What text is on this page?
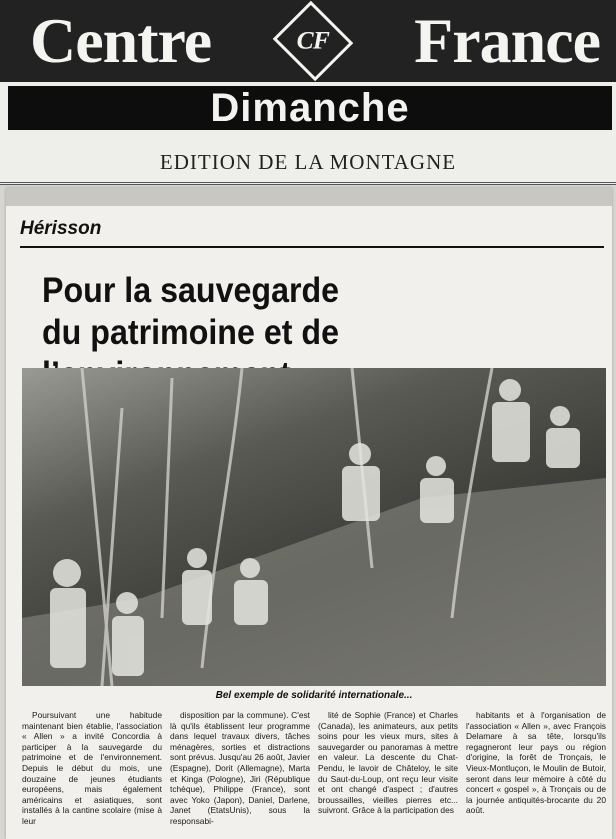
Centre	CF France
Dimanche
EDITION DE LA MONTAGNE
Hérisson
Pour la sauvegarde
du patrimoine et de
Bel exemple de solidarité internationale...

Poursuivant une habitude maintenant bien établie, l'association « Allen » a invité Concordia à participer à la sauvegarde du patrimoine et de l'environnement. Depuis le début du mois, une douzaine de jeunes étudiants européens, mais également américains et asiatiques, sont installés à la cantine scolaire (mise à leur

disposition par la commune). C'est là qu'ils établissent leur programme dans lequel travaux divers, tâches ménagères, sorties et distractions sont prévus. Jusqu'au 26 août, Javier (Espagne), Dorit (Allemagne), Marta et Kinga (Pologne), Jiri (République tchèque), Philippe (France), sont avec Yoko (Japon), Daniel, Darlene, Janet (EtatsUnis), sous la responsabi-

lité de Sophie (France) et Charles (Canada), les animateurs, aux petits soins pour les vieux murs, sites à sauvegarder ou panoramas à mettre en valeur. La descente du Chat-Pendu, le lavoir de Châteloy, le site du Saut-du-Loup, ont reçu leur visite et ont changé d'aspect ; d'autres broussailles, vieilles pierres etc... suivront. Grâce à la participation des

habitants et à l'organisation de l'association « Allen », avec François Delamare à sa tête, lorsqu'ils regagneront leur pays ou région d'origine, la forêt de Tronçais, le Vieux-Montluçon, le Moulin de Butoir, seront dans leur mémoire à côté du concert « gospel », à Tronçais ou de la journée antiquités-brocante du 20 août.
